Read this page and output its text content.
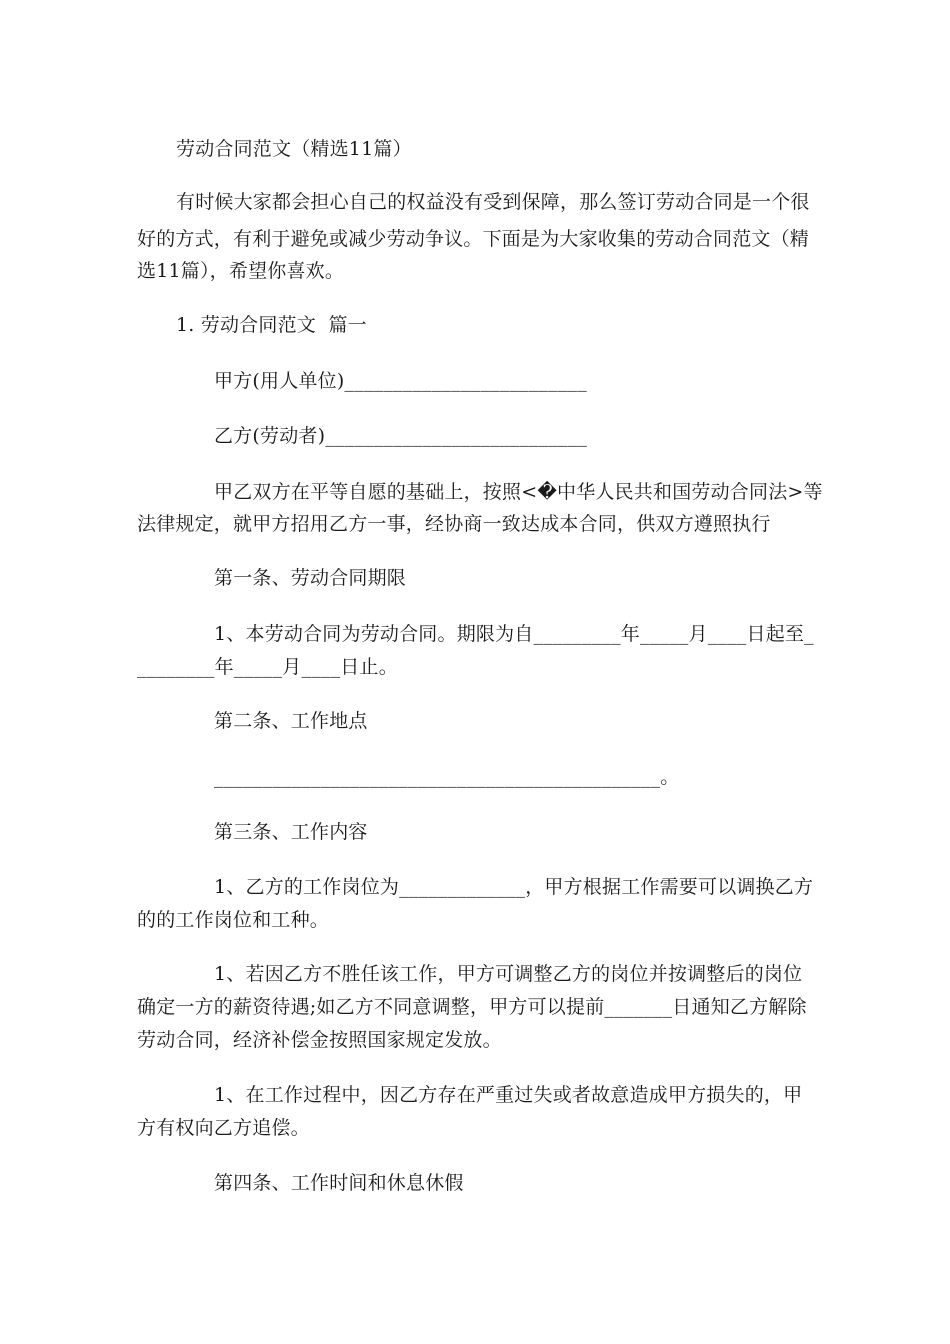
劳动合同范文（精选11篇）

有时候大家都会担心自己的权益没有受到保障，那么签订劳动合同是一个很

好的方式，有利于避免或减少劳动争议。下面是为大家收集的劳动合同范文（精

选11篇），希望你喜欢。

1. 劳动合同范文  篇一

甲方(用人单位)_________________________

乙方(劳动者)___________________________

甲乙双方在平等自愿的基础上，按照<�中华人民共和国劳动合同法>等

法律规定，就甲方招用乙方一事，经协商一致达成本合同，供双方遵照执行

第一条、劳动合同期限

1、本劳动合同为劳动合同。期限为自_________年_____月____日起至_

________年_____月____日止。

第二条、工作地点

______________________________________________。

第三条、工作内容

1、乙方的工作岗位为_____________，甲方根据工作需要可以调换乙方

的的工作岗位和工种。

1、若因乙方不胜任该工作，甲方可调整乙方的岗位并按调整后的岗位

确定一方的薪资待遇;如乙方不同意调整，甲方可以提前_______日通知乙方解除

劳动合同，经济补偿金按照国家规定发放。

1、在工作过程中，因乙方存在严重过失或者故意造成甲方损失的，甲

方有权向乙方追偿。

第四条、工作时间和休息休假
